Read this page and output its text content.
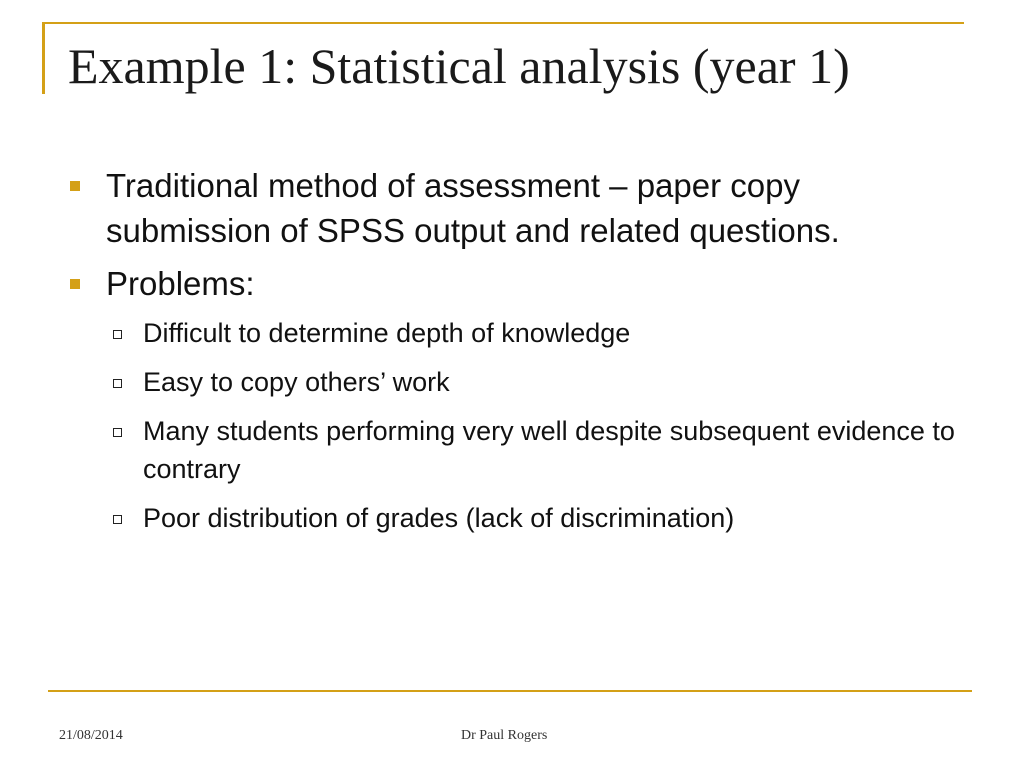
Example 1: Statistical analysis (year 1)
Traditional method of assessment – paper copy submission of SPSS output and related questions.
Problems:
Difficult to determine depth of knowledge
Easy to copy others’ work
Many students performing very well despite subsequent evidence to contrary
Poor distribution of grades (lack of discrimination)
21/08/2014	Dr Paul Rogers
